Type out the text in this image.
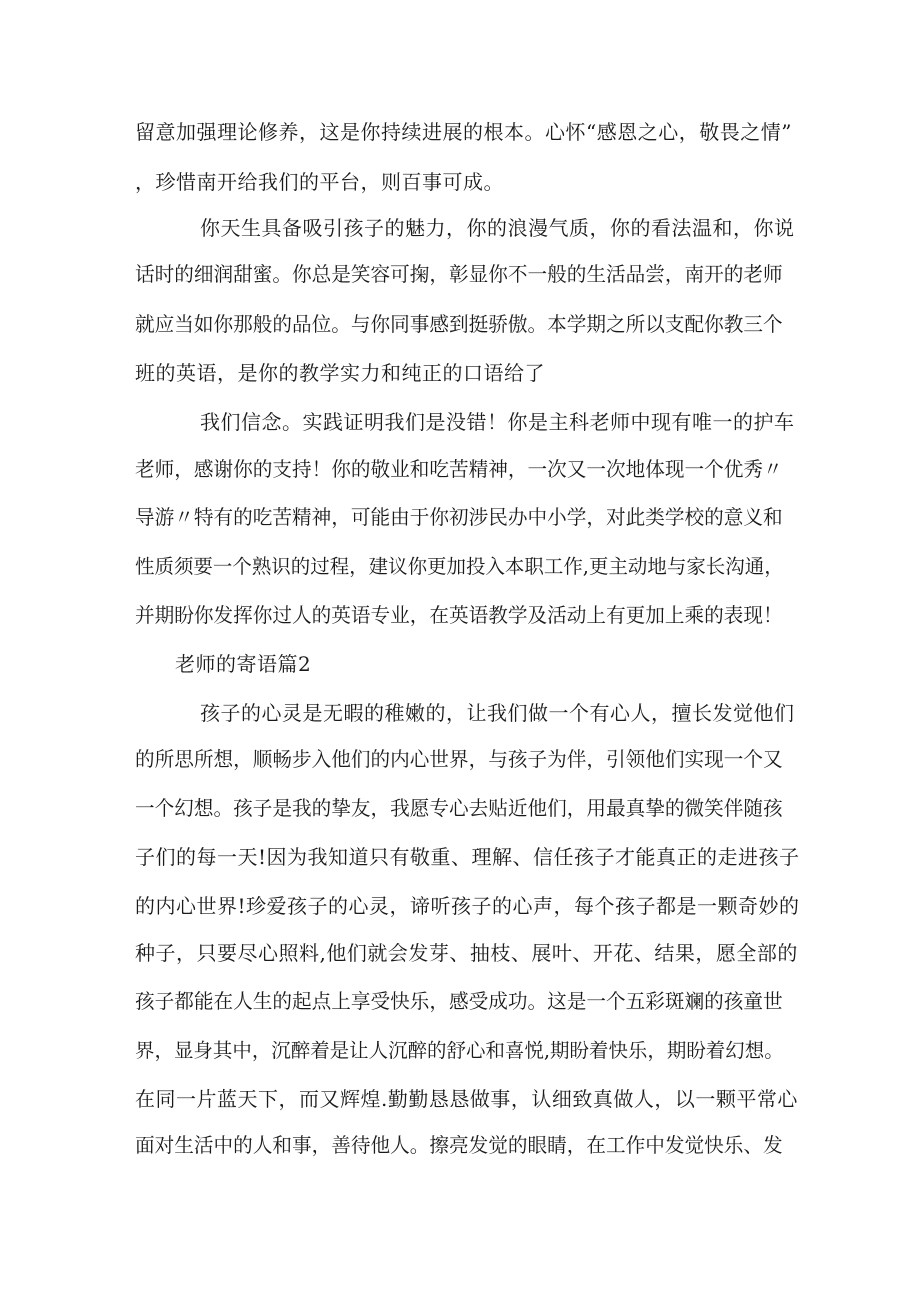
留意加强理论修养，这是你持续进展的根本。心怀“感恩之心，敬畏之情”
，珍惜南开给我们的平台，则百事可成。
你天生具备吸引孩子的魅力，你的浪漫气质，你的看法温和，你说
话时的细润甜蜜。你总是笑容可掬，彰显你不一般的生活品尝，南开的老师
就应当如你那般的品位。与你同事感到挺骄傲。本学期之所以支配你教三个
班的英语，是你的教学实力和纯正的口语给了
我们信念。实践证明我们是没错！你是主科老师中现有唯一的护车
老师，感谢你的支持！你的敬业和吃苦精神，一次又一次地体现一个优秀〃
导游〃特有的吃苦精神，可能由于你初涉民办中小学，对此类学校的意义和
性质须要一个熟识的过程，建议你更加投入本职工作,更主动地与家长沟通，
并期盼你发挥你过人的英语专业，在英语教学及活动上有更加上乘的表现！
老师的寄语篇2
孩子的心灵是无暇的稚嫩的，让我们做一个有心人，擅长发觉他们
的所思所想，顺畅步入他们的内心世界，与孩子为伴，引领他们实现一个又
一个幻想。孩子是我的挚友，我愿专心去贴近他们，用最真挚的微笑伴随孩
子们的每一天!因为我知道只有敬重、理解、信任孩子才能真正的走进孩子
的内心世界!珍爱孩子的心灵，谛听孩子的心声，每个孩子都是一颗奇妙的
种子，只要尽心照料,他们就会发芽、抽枝、展叶、开花、结果，愿全部的
孩子都能在人生的起点上享受快乐，感受成功。这是一个五彩斑斓的孩童世
界，显身其中，沉醉着是让人沉醉的舒心和喜悦,期盼着快乐，期盼着幻想。
在同一片蓝天下，而又辉煌.勤勤恳恳做事，认细致真做人，以一颗平常心
面对生活中的人和事，善待他人。擦亮发觉的眼睛，在工作中发觉快乐、发
